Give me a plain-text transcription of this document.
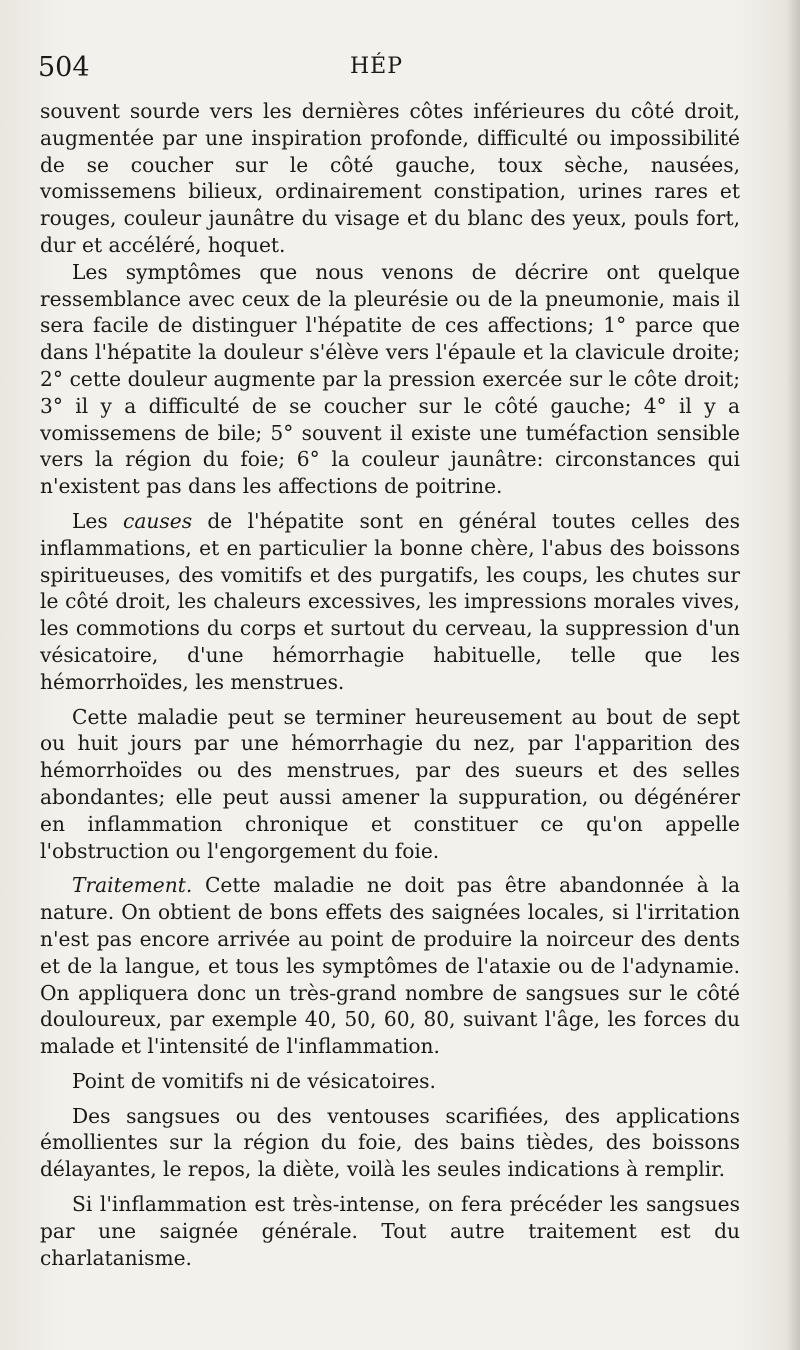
504	HÉP

souvent sourde vers les dernières côtes inférieures du côté droit, augmentée par une inspiration profonde, difficulté ou impossibilité de se coucher sur le côté gauche, toux sèche, nausées, vomissemens bilieux, ordinairement constipation, urines rares et rouges, couleur jaunâtre du visage et du blanc des yeux, pouls fort, dur et accéléré, hoquet.

Les symptômes que nous venons de décrire ont quelque ressemblance avec ceux de la pleurésie ou de la pneumonie, mais il sera facile de distinguer l'hépatite de ces affections; 1° parce que dans l'hépatite la douleur s'élève vers l'épaule et la clavicule droite; 2° cette douleur augmente par la pression exercée sur le côte droit; 3° il y a difficulté de se coucher sur le côté gauche; 4° il y a vomissemens de bile; 5° souvent il existe une tuméfaction sensible vers la région du foie; 6° la couleur jaunâtre: circonstances qui n'existent pas dans les affections de poitrine.

Les causes de l'hépatite sont en général toutes celles des inflammations, et en particulier la bonne chère, l'abus des boissons spiritueuses, des vomitifs et des purgatifs, les coups, les chutes sur le côté droit, les chaleurs excessives, les impressions morales vives, les commotions du corps et surtout du cerveau, la suppression d'un vésicatoire, d'une hémorrhagie habituelle, telle que les hémorrhoïdes, les menstrues.

Cette maladie peut se terminer heureusement au bout de sept ou huit jours par une hémorrhagie du nez, par l'apparition des hémorrhoïdes ou des menstrues, par des sueurs et des selles abondantes; elle peut aussi amener la suppuration, ou dégénérer en inflammation chronique et constituer ce qu'on appelle l'obstruction ou l'engorgement du foie.

Traitement. Cette maladie ne doit pas être abandonnée à la nature. On obtient de bons effets des saignées locales, si l'irritation n'est pas encore arrivée au point de produire la noirceur des dents et de la langue, et tous les symptômes de l'ataxie ou de l'adynamie. On appliquera donc un très-grand nombre de sangsues sur le côté douloureux, par exemple 40, 50, 60, 80, suivant l'âge, les forces du malade et l'intensité de l'inflammation.

Point de vomitifs ni de vésicatoires.

Des sangsues ou des ventouses scarifiées, des applications émollientes sur la région du foie, des bains tièdes, des boissons délayantes, le repos, la diète, voilà les seules indications à remplir.

Si l'inflammation est très-intense, on fera précéder les sangsues par une saignée générale. Tout autre traitement est du charlatanisme.
